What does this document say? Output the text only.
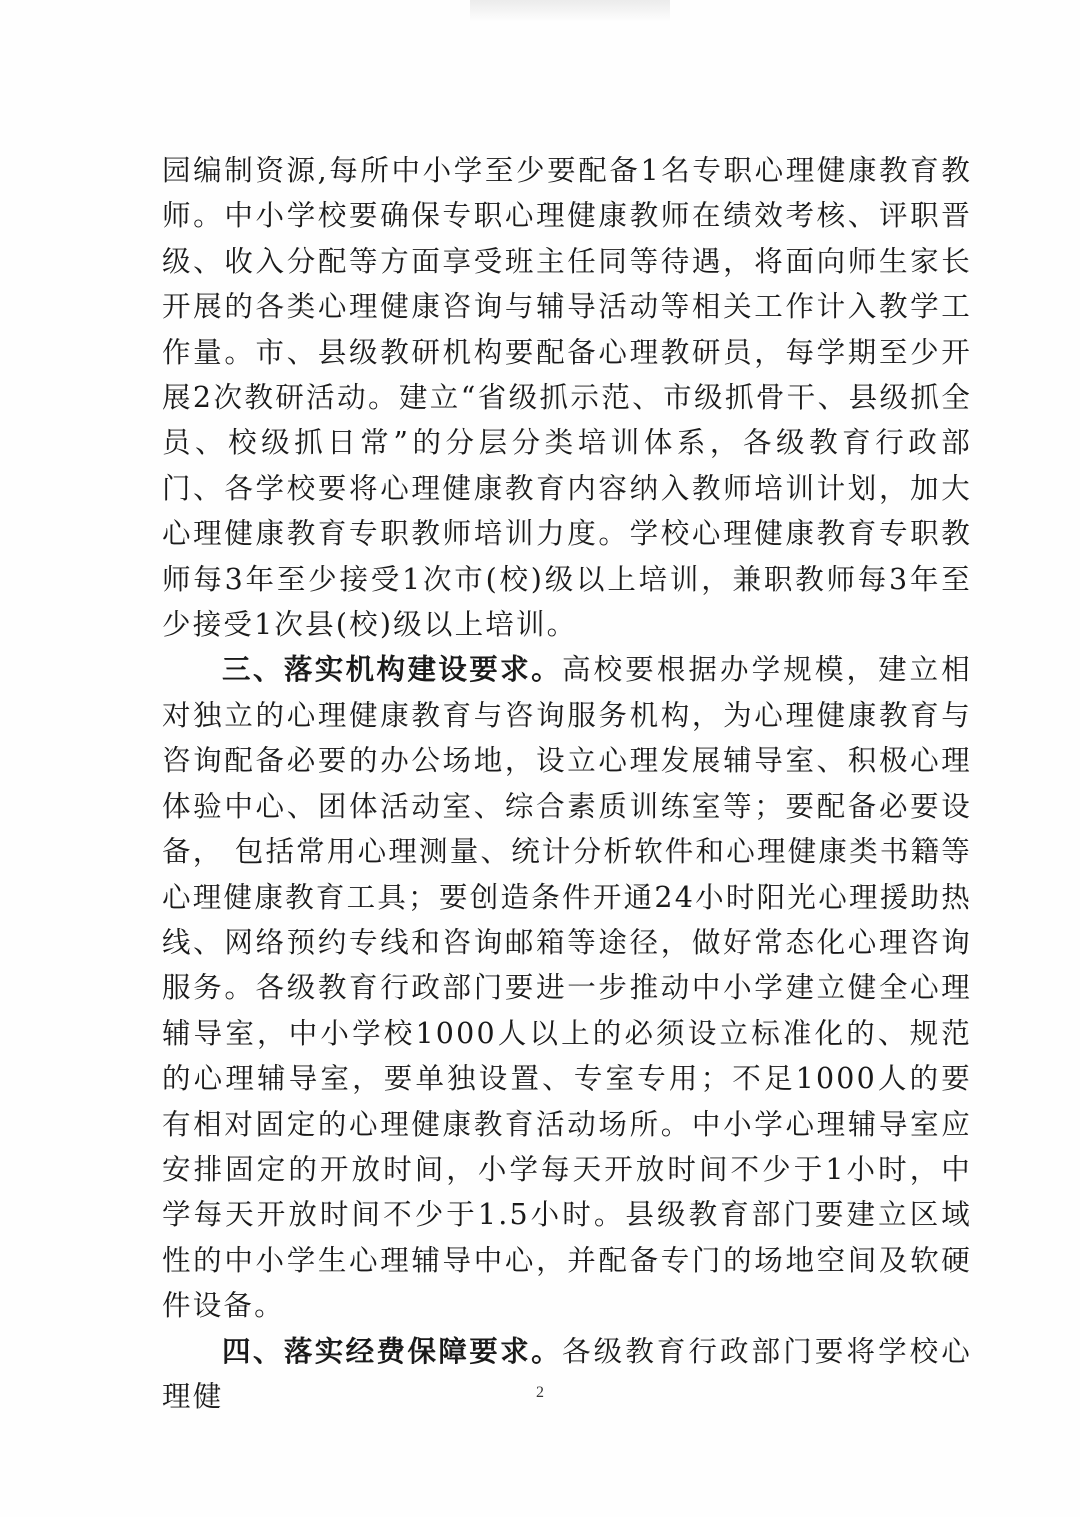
园编制资源,每所中小学至少要配备1名专职心理健康教育教师。中小学校要确保专职心理健康教师在绩效考核、评职晋级、收入分配等方面享受班主任同等待遇，将面向师生家长开展的各类心理健康咨询与辅导活动等相关工作计入教学工作量。市、县级教研机构要配备心理教研员，每学期至少开展2次教研活动。建立“省级抓示范、市级抓骨干、县级抓全员、校级抓日常”的分层分类培训体系，各级教育行政部门、各学校要将心理健康教育内容纳入教师培训计划，加大心理健康教育专职教师培训力度。学校心理健康教育专职教师每3年至少接受1次市(校)级以上培训，兼职教师每3年至少接受1次县(校)级以上培训。

三、落实机构建设要求。高校要根据办学规模，建立相对独立的心理健康教育与咨询服务机构，为心理健康教育与咨询配备必要的办公场地，设立心理发展辅导室、积极心理体验中心、团体活动室、综合素质训练室等；要配备必要设备， 包括常用心理测量、统计分析软件和心理健康类书籍等心理健康教育工具；要创造条件开通24小时阳光心理援助热线、网络预约专线和咨询邮箱等途径，做好常态化心理咨询服务。各级教育行政部门要进一步推动中小学建立健全心理辅导室，中小学校1000人以上的必须设立标准化的、规范的心理辅导室，要单独设置、专室专用；不足1000人的要有相对固定的心理健康教育活动场所。中小学心理辅导室应安排固定的开放时间，小学每天开放时间不少于1小时，中学每天开放时间不少于1.5小时。县级教育部门要建立区域性的中小学生心理辅导中心，并配备专门的场地空间及软硬件设备。

四、落实经费保障要求。各级教育行政部门要将学校心理健	2
